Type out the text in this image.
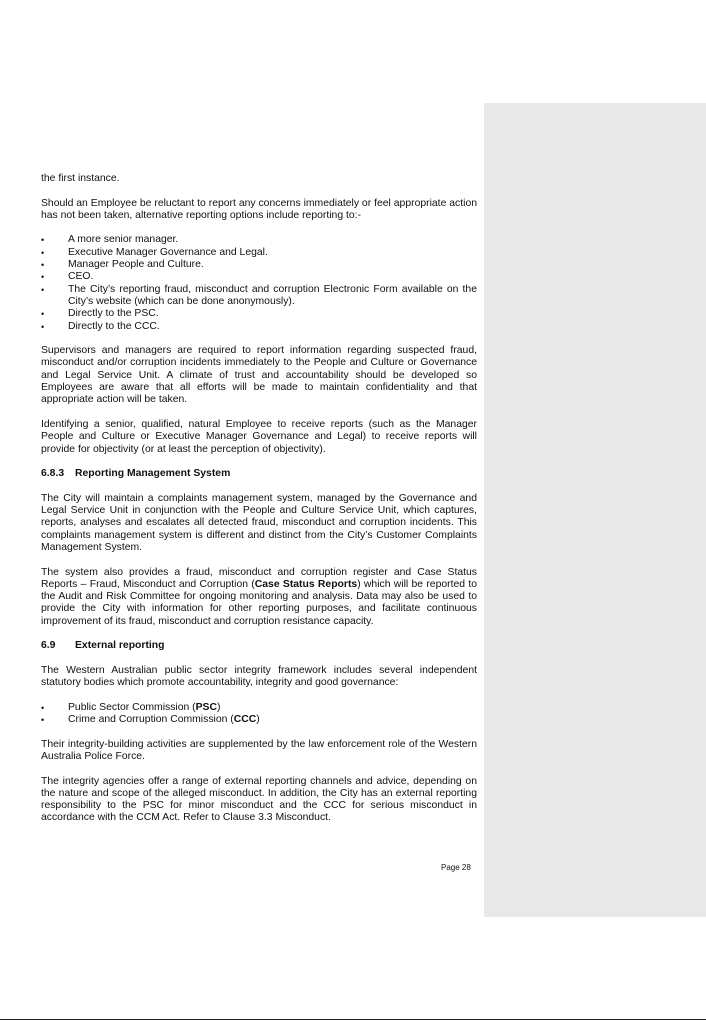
the first instance.

Should an Employee be reluctant to report any concerns immediately or feel appropriate action has not been taken, alternative reporting options include reporting to:-

• A more senior manager.
• Executive Manager Governance and Legal.
• Manager People and Culture.
• CEO.
• The City’s reporting fraud, misconduct and corruption Electronic Form available on the City’s website (which can be done anonymously).
• Directly to the PSC.
• Directly to the CCC.

Supervisors and managers are required to report information regarding suspected fraud, misconduct and/or corruption incidents immediately to the People and Culture or Governance and Legal Service Unit. A climate of trust and accountability should be developed so Employees are aware that all efforts will be made to maintain confidentiality and that appropriate action will be taken.

Identifying a senior, qualified, natural Employee to receive reports (such as the Manager People and Culture or Executive Manager Governance and Legal) to receive reports will provide for objectivity (or at least the perception of objectivity).

6.8.3	Reporting Management System

The City will maintain a complaints management system, managed by the Governance and Legal Service Unit in conjunction with the People and Culture Service Unit, which captures, reports, analyses and escalates all detected fraud, misconduct and corruption incidents. This complaints management system is different and distinct from the City’s Customer Complaints Management System.

The system also provides a fraud, misconduct and corruption register and Case Status Reports – Fraud, Misconduct and Corruption (Case Status Reports) which will be reported to the Audit and Risk Committee for ongoing monitoring and analysis. Data may also be used to provide the City with information for other reporting purposes, and facilitate continuous improvement of its fraud, misconduct and corruption resistance capacity.

6.9	External reporting

The Western Australian public sector integrity framework includes several independent statutory bodies which promote accountability, integrity and good governance:

• Public Sector Commission (PSC)
• Crime and Corruption Commission (CCC)

Their integrity-building activities are supplemented by the law enforcement role of the Western Australia Police Force.

The integrity agencies offer a range of external reporting channels and advice, depending on the nature and scope of the alleged misconduct. In addition, the City has an external reporting responsibility to the PSC for minor misconduct and the CCC for serious misconduct in accordance with the CCM Act. Refer to Clause 3.3 Misconduct.

Page 28
